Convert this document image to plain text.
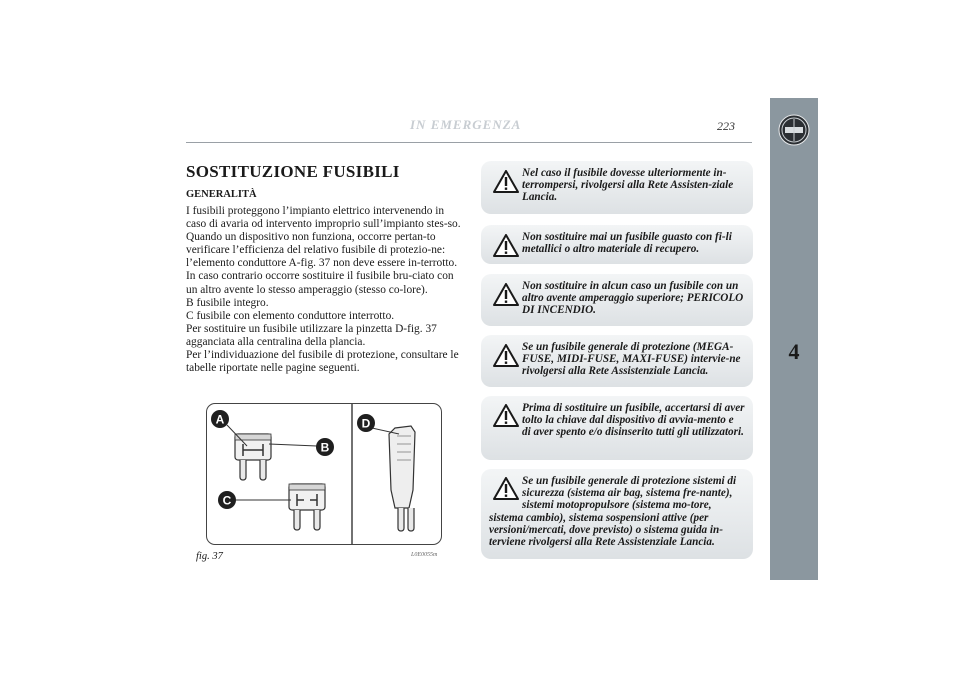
IN EMERGENZA	223
4
SOSTITUZIONE FUSIBILI
GENERALITÀ

I fusibili proteggono l’impianto elettrico intervenendo in caso di avaria od intervento improprio sull’impianto stes-so. Quando un dispositivo non funziona, occorre pertan-to verificare l’efficienza del relativo fusibile di protezio-ne: l’elemento conduttore A-fig. 37 non deve essere in-terrotto. In caso contrario occorre sostituire il fusibile bru-ciato con un altro avente lo stesso amperaggio (stesso co-lore).

B fusibile integro.

C fusibile con elemento conduttore interrotto.

Per sostituire un fusibile utilizzare la pinzetta D-fig. 37 agganciata alla centralina della plancia.

Per l’individuazione del fusibile di protezione, consultare le tabelle riportate nelle pagine seguenti.

A
B
C
D
fig. 37	L0E0055m
Nel caso il fusibile dovesse ulteriormente in-terrompersi, rivolgersi alla Rete Assisten-ziale Lancia.
Non sostituire mai un fusibile guasto con fi-li metallici o altro materiale di recupero.
Non sostituire in alcun caso un fusibile con un altro avente amperaggio superiore; PERICOLO DI INCENDIO.
Se un fusibile generale di protezione (MEGA-FUSE, MIDI-FUSE, MAXI-FUSE) interviе-ne rivolgersi alla Rete Assistenziale Lancia.
Prima di sostituire un fusibile, accertarsi di aver tolto la chiave dal dispositivo di avvia-mento e di aver spento e/o disinserito tutti gli utilizzatori.
Se un fusibile generale di protezione sistemi di sicurezza (sistema air bag, sistema fre-nante), sistemi motopropulsore (sistema mo-tore, sistema cambio), sistema sospensioni attive (per versioni/mercati, dove previsto) o sistema guida in-terviene rivolgersi alla Rete Assistenziale Lancia.
